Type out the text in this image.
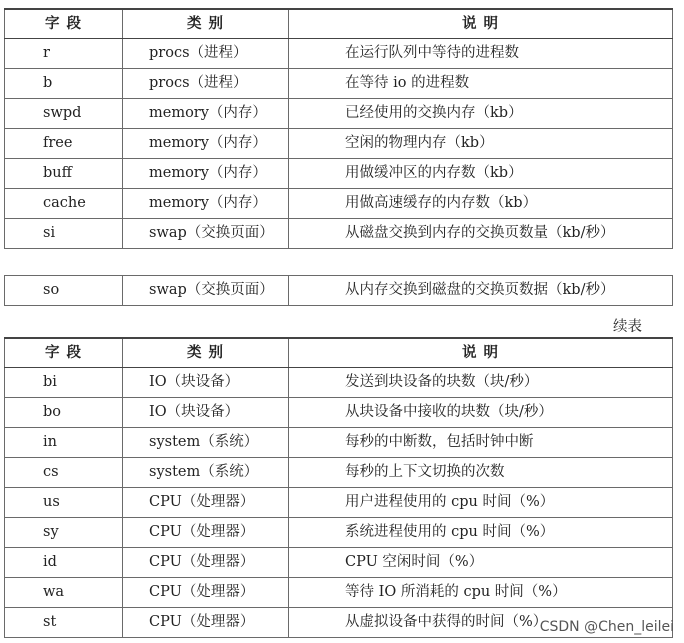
字 段	类 别	说 明
r	procs（进程）	在运行队列中等待的进程数
b	procs（进程）	在等待 io 的进程数
swpd	memory（内存）	已经使用的交换内存（kb）
free	memory（内存）	空闲的物理内存（kb）
buff	memory（内存）	用做缓冲区的内存数（kb）
cache	memory（内存）	用做高速缓存的内存数（kb）
si	swap（交换页面）	从磁盘交换到内存的交换页数量（kb/秒）
so	swap（交换页面）	从内存交换到磁盘的交换页数据（kb/秒）
续表
字 段	类 别	说 明
bi	IO（块设备）	发送到块设备的块数（块/秒）
bo	IO（块设备）	从块设备中接收的块数（块/秒）
in	system（系统）	每秒的中断数，包括时钟中断
cs	system（系统）	每秒的上下文切换的次数
us	CPU（处理器）	用户进程使用的 cpu 时间（%）
sy	CPU（处理器）	系统进程使用的 cpu 时间（%）
id	CPU（处理器）	CPU 空闲时间（%）
wa	CPU（处理器）	等待 IO 所消耗的 cpu 时间（%）
st	CPU（处理器）	从虚拟设备中获得的时间（%）
CSDN @Chen_leilei
